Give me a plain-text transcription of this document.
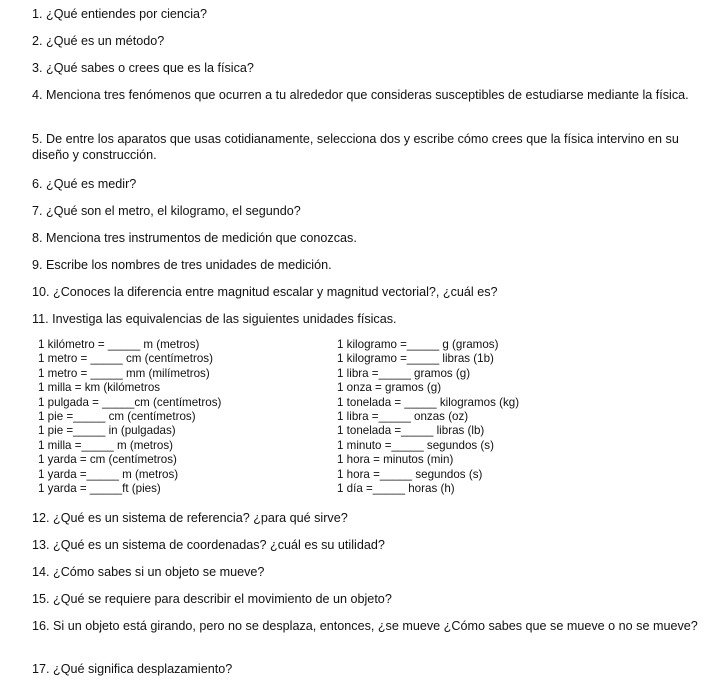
1. ¿Qué entiendes por ciencia?

2. ¿Qué es un método?

3. ¿Qué sabes o crees que es la física?

4. Menciona tres fenómenos que ocurren a tu alrededor que consideras susceptibles de estudiarse mediante la física.

5. De entre los aparatos que usas cotidianamente, selecciona dos y escribe cómo crees que la física intervino en su diseño y construcción.

6. ¿Qué es medir?

7. ¿Qué son el metro, el kilogramo, el segundo?

8. Menciona tres instrumentos de medición que conozcas.

9. Escribe los nombres de tres unidades de medición.

10. ¿Conoces la diferencia entre magnitud escalar y magnitud vectorial?, ¿cuál es?

11. Investiga las equivalencias de las siguientes unidades físicas.

1 kilómetro = _____ m (metros)
1 metro = _____ cm (centímetros)
1 metro = _____ mm (milímetros)
1 milla = km (kilómetros
1 pulgada = _____cm (centímetros)
1 pie =_____ cm (centímetros)
1 pie =_____ in (pulgadas)
1 milla =_____ m (metros)
1 yarda = cm (centímetros)
1 yarda =_____ m (metros)
1 yarda = _____ft (pies)
1 kilogramo =_____ g (gramos)
1 kilogramo =_____ libras (1b)
1 libra =_____ gramos (g)
1 onza = gramos (g)
1 tonelada = _____ kilogramos (kg)
1 libra =_____ onzas (oz)
1 tonelada =_____ libras (lb)
1 minuto =_____ segundos (s)
1 hora = minutos (min)
1 hora =_____ segundos (s)
1 día =_____ horas (h)

12. ¿Qué es un sistema de referencia? ¿para qué sirve?

13. ¿Qué es un sistema de coordenadas? ¿cuál es su utilidad?

14. ¿Cómo sabes si un objeto se mueve?

15. ¿Qué se requiere para describir el movimiento de un objeto?

16. Si un objeto está girando, pero no se desplaza, entonces, ¿se mueve ¿Cómo sabes que se mueve o no se mueve?

17. ¿Qué significa desplazamiento?
